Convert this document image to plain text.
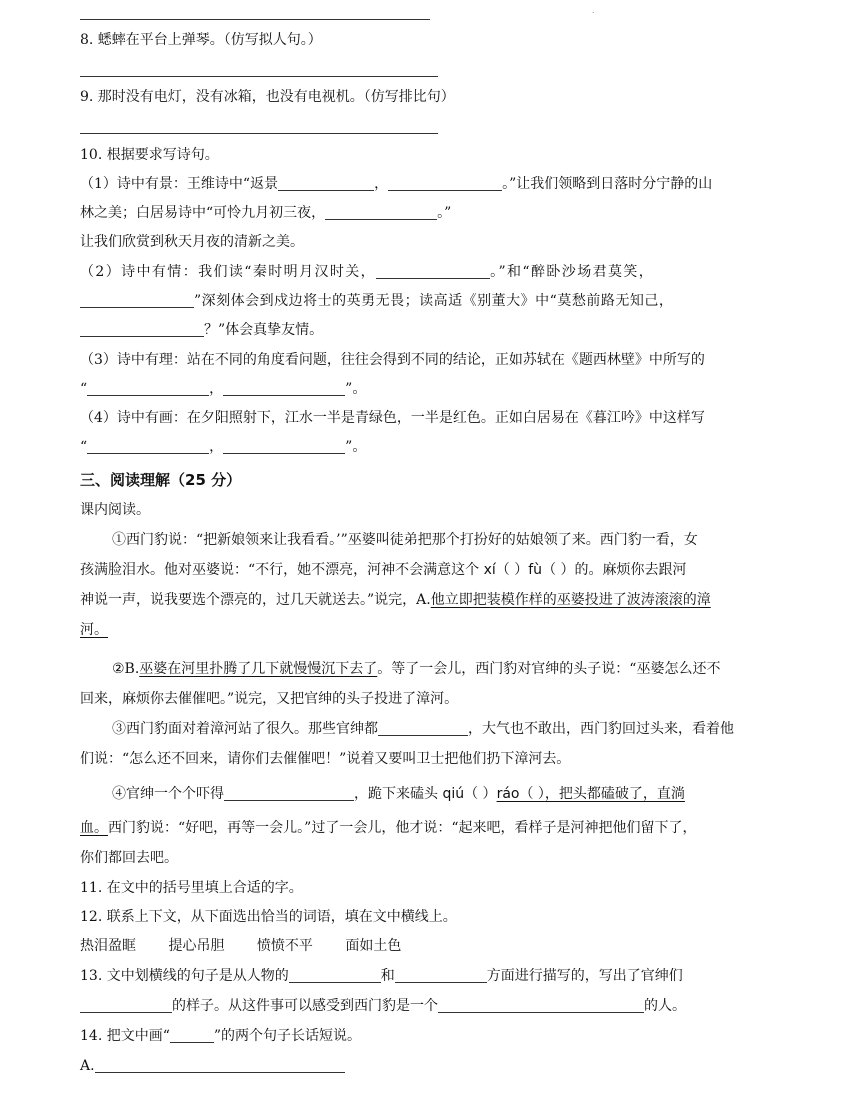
.
8. 蟋蟀在平台上弹琴。（仿写拟人句。）
9. 那时没有电灯，没有冰箱，也没有电视机。（仿写排比句）
10. 根据要求写诗句。
（1）诗中有景：王维诗中“返景	，	。”让我们领略到日落时分宁静的山
林之美；白居易诗中“可怜九月初三夜，	。”
让我们欣赏到秋天月夜的清新之美。
（2）诗中有情：我们读“秦时明月汉时关，	。”和“醉卧沙场君莫笑，
”深刻体会到戍边将士的英勇无畏；读高适《别董大》中“莫愁前路无知己，
？”体会真挚友情。
（3）诗中有理：站在不同的角度看问题，往往会得到不同的结论，正如苏轼在《题西林壁》中所写的
“	，	”。
（4）诗中有画：在夕阳照射下，江水一半是青绿色，一半是红色。正如白居易在《暮江吟》中这样写
“	，	”。
三、阅读理解（25 分）
课内阅读。
①西门豹说：“把新娘领来让我看看。’”巫婆叫徒弟把那个打扮好的姑娘领了来。西门豹一看，女
孩满脸泪水。他对巫婆说：“不行，她不漂亮，河神不会满意这个 xí（ ）fù（ ）的。麻烦你去跟河
神说一声，说我要选个漂亮的，过几天就送去。”说完，A.他立即把装模作样的巫婆投进了波涛滚滚的漳
河。
②B.巫婆在河里扑腾了几下就慢慢沉下去了。等了一会儿，西门豹对官绅的头子说：“巫婆怎么还不
回来，麻烦你去催催吧。”说完，又把官绅的头子投进了漳河。
③西门豹面对着漳河站了很久。那些官绅都	，大气也不敢出，西门豹回过头来，看着他
们说：“怎么还不回来，请你们去催催吧！”说着又要叫卫士把他们扔下漳河去。
④官绅一个个吓得	，跪下来磕头 qiú（ ）ráo（ ），把头都磕破了，直淌
血。西门豹说：“好吧，再等一会儿。”过了一会儿，他才说：“起来吧，看样子是河神把他们留下了，
你们都回去吧。
11. 在文中的括号里填上合适的字。
12. 联系上下文，从下面选出恰当的词语，填在文中横线上。
热泪盈眶 提心吊胆 愤愤不平 面如土色
13. 文中划横线的句子是从人物的	和	方面进行描写的，写出了官绅们
的样子。从这件事可以感受到西门豹是一个	的人。
14. 把文中画“	”的两个句子长话短说。
A.
